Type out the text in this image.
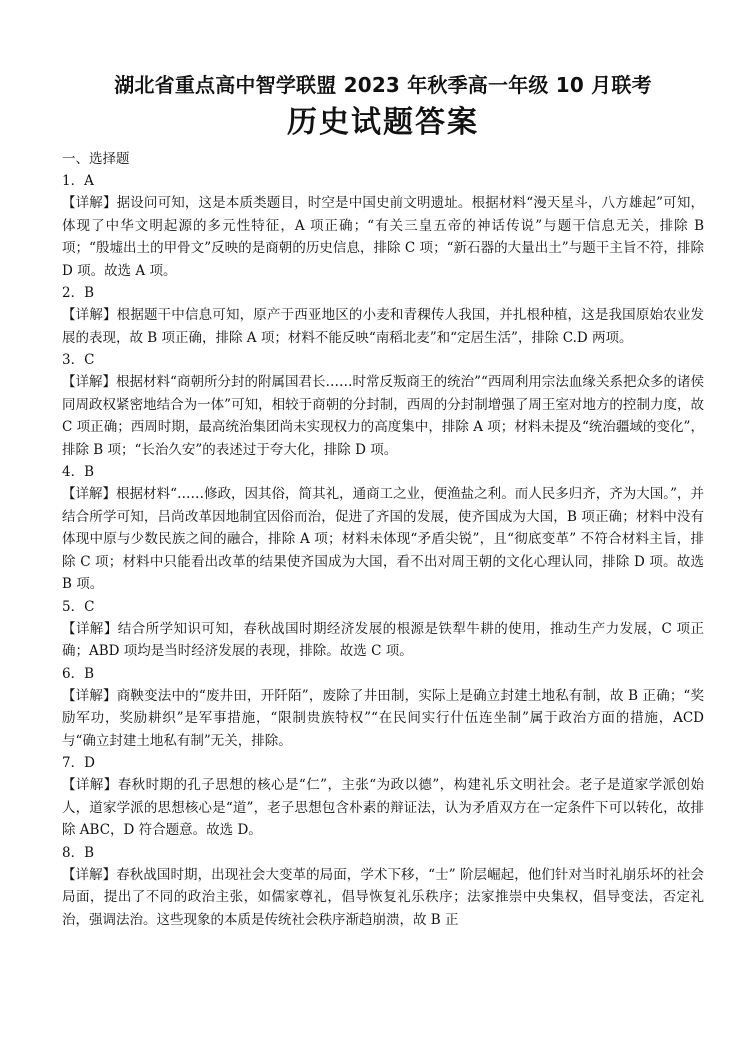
湖北省重点高中智学联盟 2023 年秋季高一年级 10 月联考
历史试题答案

一、选择题

1．A

【详解】据设问可知，这是本质类题目，时空是中国史前文明遗址。根据材料“漫天星斗，八方雄起”可知，体现了中华文明起源的多元性特征，A 项正确；“有关三皇五帝的神话传说”与题干信息无关，排除 B 项；“殷墟出土的甲骨文”反映的是商朝的历史信息，排除 C 项；“新石器的大量出土”与题干主旨不符，排除 D 项。故选 A 项。

2．B

【详解】根据题干中信息可知，原产于西亚地区的小麦和青稞传人我国，并扎根种植，这是我国原始农业发展的表现，故 B 项正确，排除 A 项；材料不能反映“南稻北麦”和“定居生活”，排除 C.D 两项。

3．C

【详解】根据材料“商朝所分封的附属国君长……时常反叛商王的统治”“西周利用宗法血缘关系把众多的诸侯同周政权紧密地结合为一体”可知，相较于商朝的分封制，西周的分封制增强了周王室对地方的控制力度，故 C 项正确；西周时期，最高统治集团尚未实现权力的高度集中，排除 A 项；材料未提及“统治疆域的变化”，排除 B 项；“长治久安”的表述过于夸大化，排除 D 项。

4．B

【详解】根据材料“……修政，因其俗，简其礼，通商工之业，便渔盐之利。而人民多归齐，齐为大国。”，并结合所学可知，吕尚改革因地制宜因俗而治，促进了齐国的发展，使齐国成为大国，B 项正确；材料中没有体现中原与少数民族之间的融合，排除 A 项；材料未体现“矛盾尖锐”，且“彻底变革” 不符合材料主旨，排除 C 项；材料中只能看出改革的结果使齐国成为大国，看不出对周王朝的文化心理认同，排除 D 项。故选 B 项。

5．C

【详解】结合所学知识可知，春秋战国时期经济发展的根源是铁犁牛耕的使用，推动生产力发展，C 项正确；ABD 项均是当时经济发展的表现，排除。故选 C 项。

6．B

【详解】商鞅变法中的“废井田，开阡陌”，废除了井田制，实际上是确立封建土地私有制，故 B 正确；“奖励军功，奖励耕织”是军事措施，“限制贵族特权”“在民间实行什伍连坐制”属于政治方面的措施，ACD 与“确立封建土地私有制”无关，排除。

7．D

【详解】春秋时期的孔子思想的核心是“仁”，主张“为政以德”，构建礼乐文明社会。老子是道家学派创始人，道家学派的思想核心是“道”，老子思想包含朴素的辩证法，认为矛盾双方在一定条件下可以转化，故排除 ABC，D 符合题意。故选 D。

8．B

【详解】春秋战国时期，出现社会大变革的局面，学术下移，“士” 阶层崛起，他们针对当时礼崩乐坏的社会局面，提出了不同的政治主张，如儒家尊礼，倡导恢复礼乐秩序；法家推崇中央集权，倡导变法，否定礼治，强调法治。这些现象的本质是传统社会秩序渐趋崩溃，故 B 正
